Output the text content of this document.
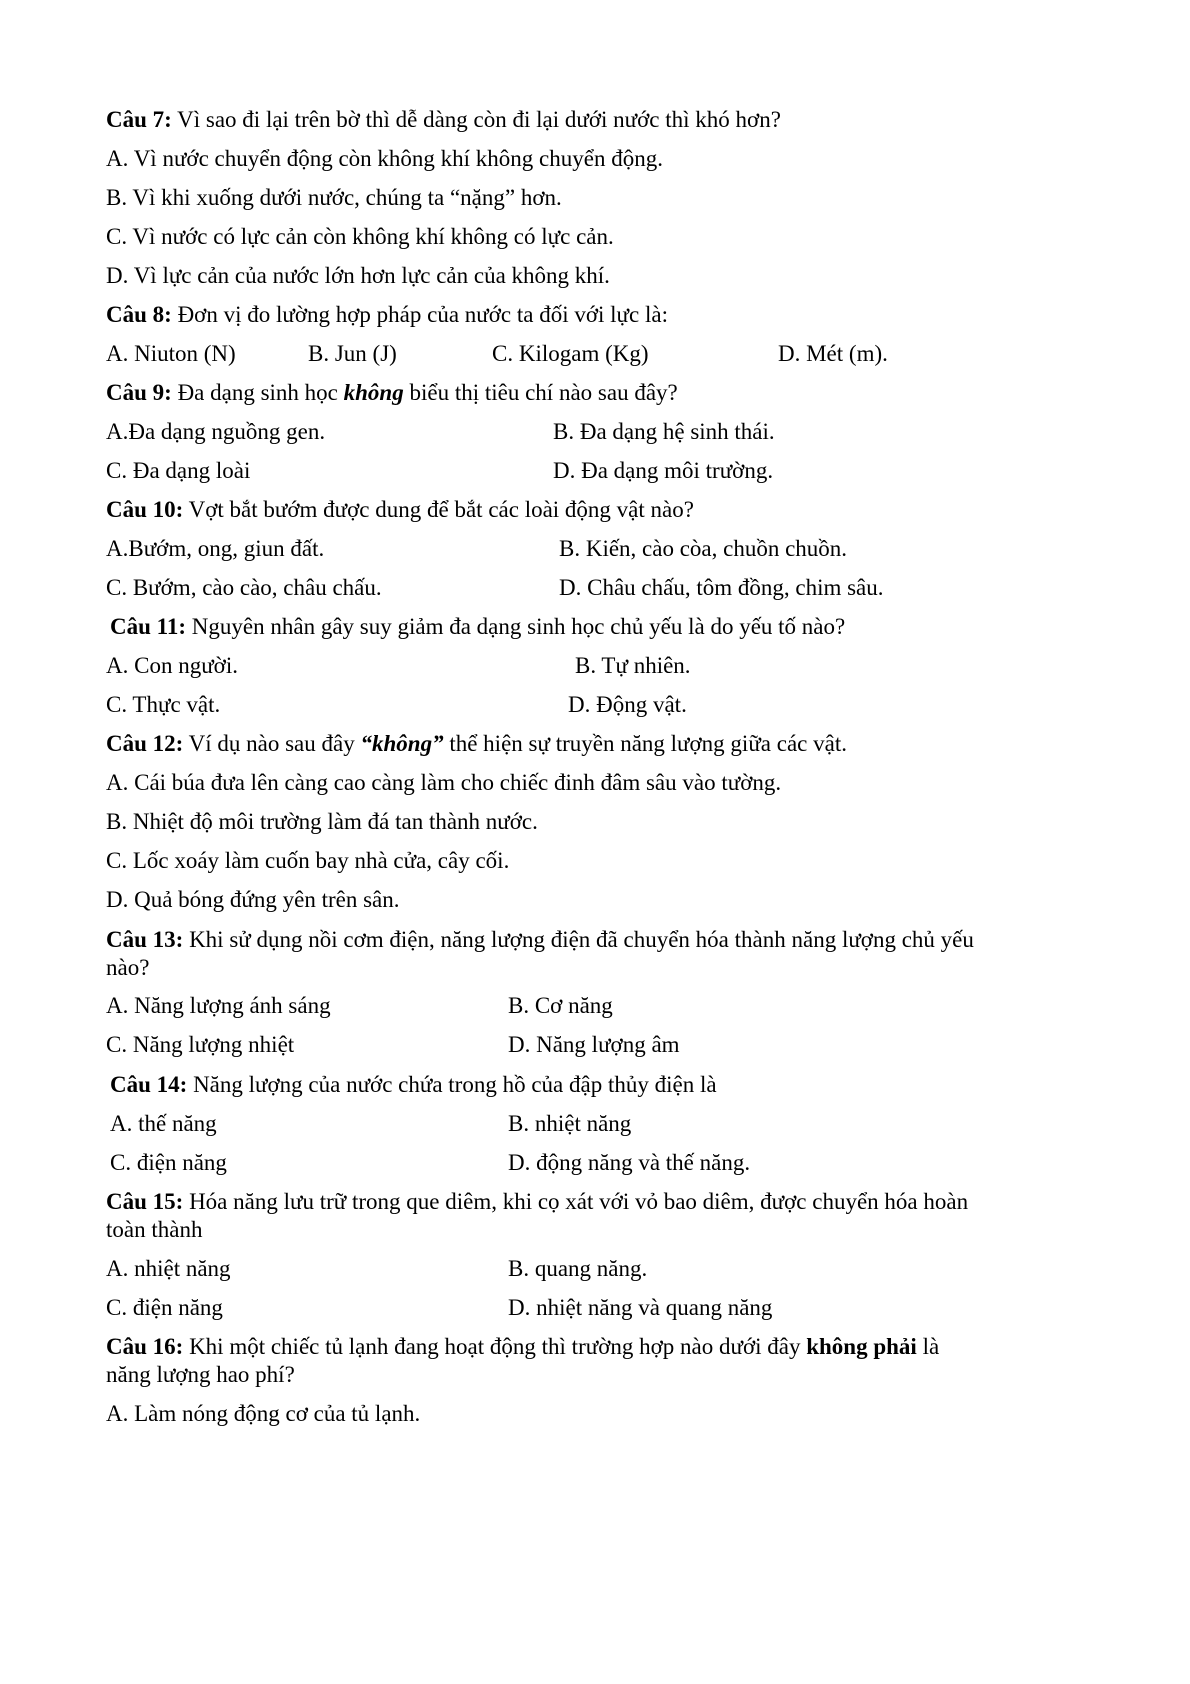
Câu 7: Vì sao đi lại trên bờ thì dễ dàng còn đi lại dưới nước thì khó hơn?
A. Vì nước chuyển động còn không khí không chuyển động.
B. Vì khi xuống dưới nước, chúng ta “nặng” hơn.
C. Vì nước có lực cản còn không khí không có lực cản.
D. Vì lực cản của nước lớn hơn lực cản của không khí.
Câu 8: Đơn vị đo lường hợp pháp của nước ta đối với lực là:
A. Niuton (N)	B. Jun (J)	C. Kilogam (Kg)	D. Mét (m).
Câu 9: Đa dạng sinh học không biểu thị tiêu chí nào sau đây?
A.Đa dạng nguồng gen.	B. Đa dạng hệ sinh thái.
C. Đa dạng loài	D. Đa dạng môi trường.
Câu 10: Vợt bắt bướm được dung để bắt các loài động vật nào?
A.Bướm, ong, giun đất.	B. Kiến, cào còa, chuồn chuồn.
C. Bướm, cào cào, châu chấu.	D. Châu chấu, tôm đồng, chim sâu.
Câu 11: Nguyên nhân gây suy giảm đa dạng sinh học chủ yếu là do yếu tố nào?
A. Con người.	B. Tự nhiên.
C. Thực vật.	D. Động vật.
Câu 12: Ví dụ nào sau đây “không” thể hiện sự truyền năng lượng giữa các vật.
A. Cái búa đưa lên càng cao càng làm cho chiếc đinh đâm sâu vào tường.
B. Nhiệt độ môi trường làm đá tan thành nước.
C. Lốc xoáy làm cuốn bay nhà cửa, cây cối.
D. Quả bóng đứng yên trên sân.
Câu 13: Khi sử dụng nồi cơm điện, năng lượng điện đã chuyển hóa thành năng lượng chủ yếu
nào?
A. Năng lượng ánh sáng	B. Cơ năng
C. Năng lượng nhiệt	D. Năng lượng âm
Câu 14: Năng lượng của nước chứa trong hồ của đập thủy điện là
A. thế năng	B. nhiệt năng
C. điện năng	D. động năng và thế năng.
Câu 15: Hóa năng lưu trữ trong que diêm, khi cọ xát với vỏ bao diêm, được chuyển hóa hoàn
toàn thành
A. nhiệt năng	B. quang năng.
C. điện năng	D. nhiệt năng và quang năng
Câu 16: Khi một chiếc tủ lạnh đang hoạt động thì trường hợp nào dưới đây không phải là
năng lượng hao phí?
A. Làm nóng động cơ của tủ lạnh.
